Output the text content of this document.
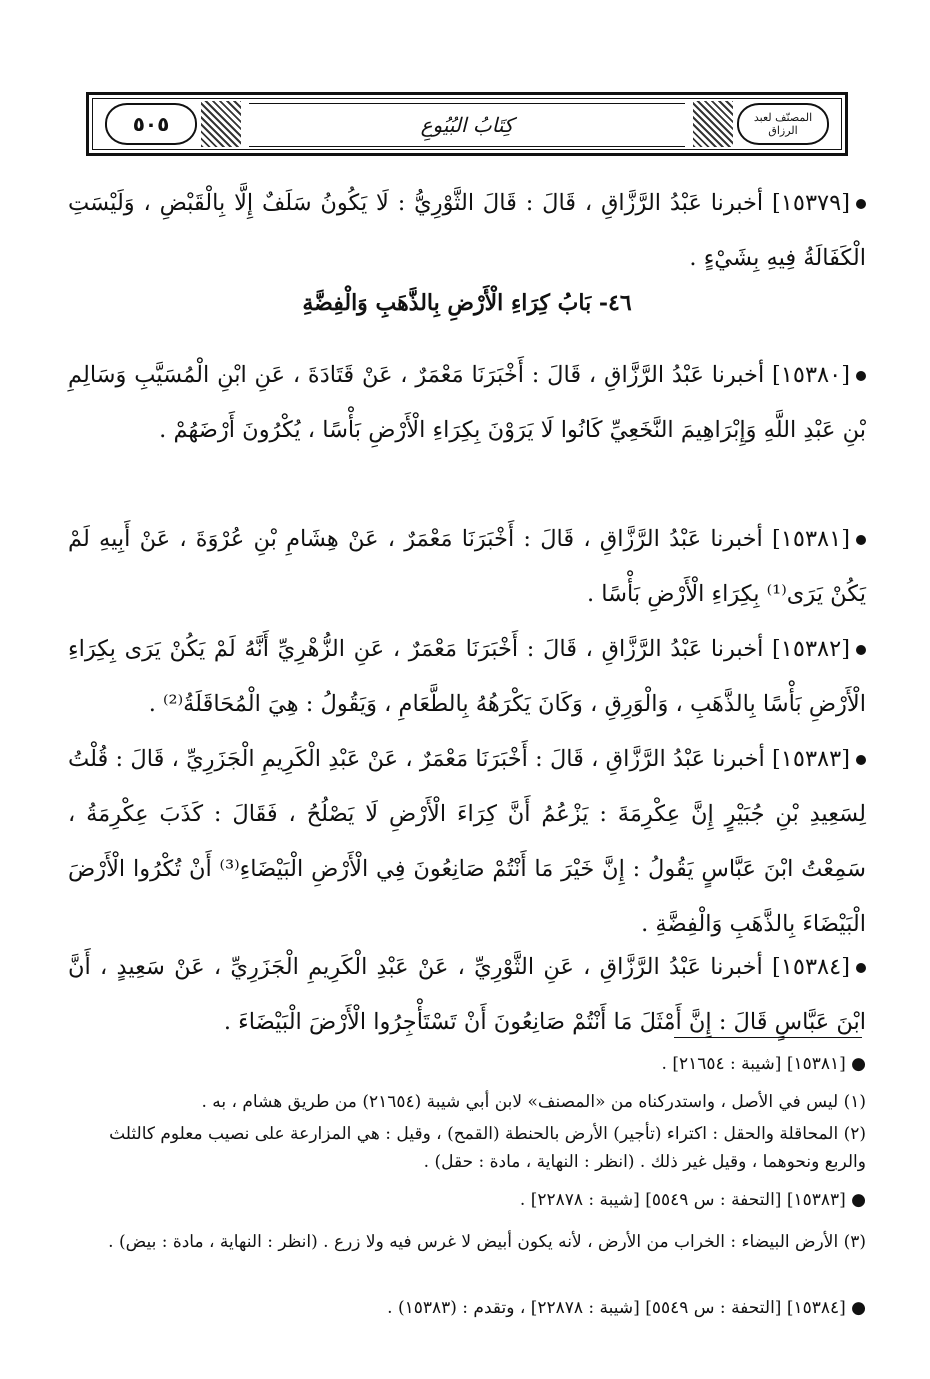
٥٠٥	كِتَابُ البُيُوعِ	المصنّف لعبد الرزاق
[١٥٣٧٩] أخبرنا عَبْدُ الرَّزَّاقِ ، قَالَ : قَالَ الثَّوْرِيُّ : لَا يَكُونُ سَلَفٌ إِلَّا بِالْقَبْضِ ، وَلَيْسَتِ الْكَفَالَةُ فِيهِ بِشَيْءٍ .
٤٦- بَابُ كِرَاءِ الْأَرْضِ بِالذَّهَبِ وَالْفِضَّةِ
[١٥٣٨٠] أخبرنا عَبْدُ الرَّزَّاقِ ، قَالَ : أَخْبَرَنَا مَعْمَرٌ ، عَنْ قَتَادَةَ ، عَنِ ابْنِ الْمُسَيَّبِ وَسَالِمِ بْنِ عَبْدِ اللَّهِ وَإِبْرَاهِيمَ النَّخَعِيِّ كَانُوا لَا يَرَوْنَ بِكِرَاءِ الْأَرْضِ بَأْسًا ، يُكْرُونَ أَرْضَهُمْ .
[١٥٣٨١] أخبرنا عَبْدُ الرَّزَّاقِ ، قَالَ : أَخْبَرَنَا مَعْمَرٌ ، عَنْ هِشَامِ بْنِ عُرْوَةَ ، عَنْ أَبِيهِ لَمْ يَكُنْ يَرَى⁽¹⁾ بِكِرَاءِ الْأَرْضِ بَأْسًا .
[١٥٣٨٢] أخبرنا عَبْدُ الرَّزَّاقِ ، قَالَ : أَخْبَرَنَا مَعْمَرٌ ، عَنِ الزُّهْرِيِّ أَنَّهُ لَمْ يَكُنْ يَرَى بِكِرَاءِ الْأَرْضِ بَأْسًا بِالذَّهَبِ ، وَالْوَرِقِ ، وَكَانَ يَكْرَهُهُ بِالطَّعَامِ ، وَيَقُولُ : هِيَ الْمُحَاقَلَةُ⁽²⁾ .
[١٥٣٨٣] أخبرنا عَبْدُ الرَّزَّاقِ ، قَالَ : أَخْبَرَنَا مَعْمَرٌ ، عَنْ عَبْدِ الْكَرِيمِ الْجَزَرِيِّ ، قَالَ : قُلْتُ لِسَعِيدِ بْنِ جُبَيْرٍ إِنَّ عِكْرِمَةَ : يَزْعُمُ أَنَّ كِرَاءَ الْأَرْضِ لَا يَصْلُحُ ، فَقَالَ : كَذَبَ عِكْرِمَةُ ، سَمِعْتُ ابْنَ عَبَّاسٍ يَقُولُ : إِنَّ خَيْرَ مَا أَنْتُمْ صَانِعُونَ فِي الْأَرْضِ الْبَيْضَاءِ⁽³⁾ أَنْ تُكْرُوا الْأَرْضَ الْبَيْضَاءَ بِالذَّهَبِ وَالْفِضَّةِ .
[١٥٣٨٤] أخبرنا عَبْدُ الرَّزَّاقِ ، عَنِ الثَّوْرِيِّ ، عَنْ عَبْدِ الْكَرِيمِ الْجَزَرِيِّ ، عَنْ سَعِيدٍ ، أَنَّ ابْنَ عَبَّاسٍ قَالَ : إِنَّ أَمْثَلَ مَا أَنْتُمْ صَانِعُونَ أَنْ تَسْتَأْجِرُوا الْأَرْضَ الْبَيْضَاءَ .
● [١٥٣٨١] [شيبة : ٢١٦٥٤] .
(١) ليس في الأصل ، واستدركناه من «المصنف» لابن أبي شيبة (٢١٦٥٤) من طريق هشام ، به .
(٢) المحاقلة والحقل : اكتراء (تأجير) الأرض بالحنطة (القمح) ، وقيل : هي المزارعة على نصيب معلوم كالثلث والربع ونحوهما ، وقيل غير ذلك . (انظر : النهاية ، مادة : حقل) .
● [١٥٣٨٣] [التحفة : س ٥٥٤٩] [شيبة : ٢٢٨٧٨] .
(٣) الأرض البيضاء : الخراب من الأرض ، لأنه يكون أبيض لا غرس فيه ولا زرع . (انظر : النهاية ، مادة : بيض) .
● [١٥٣٨٤] [التحفة : س ٥٥٤٩] [شيبة : ٢٢٨٧٨] ، وتقدم : (١٥٣٨٣) .
